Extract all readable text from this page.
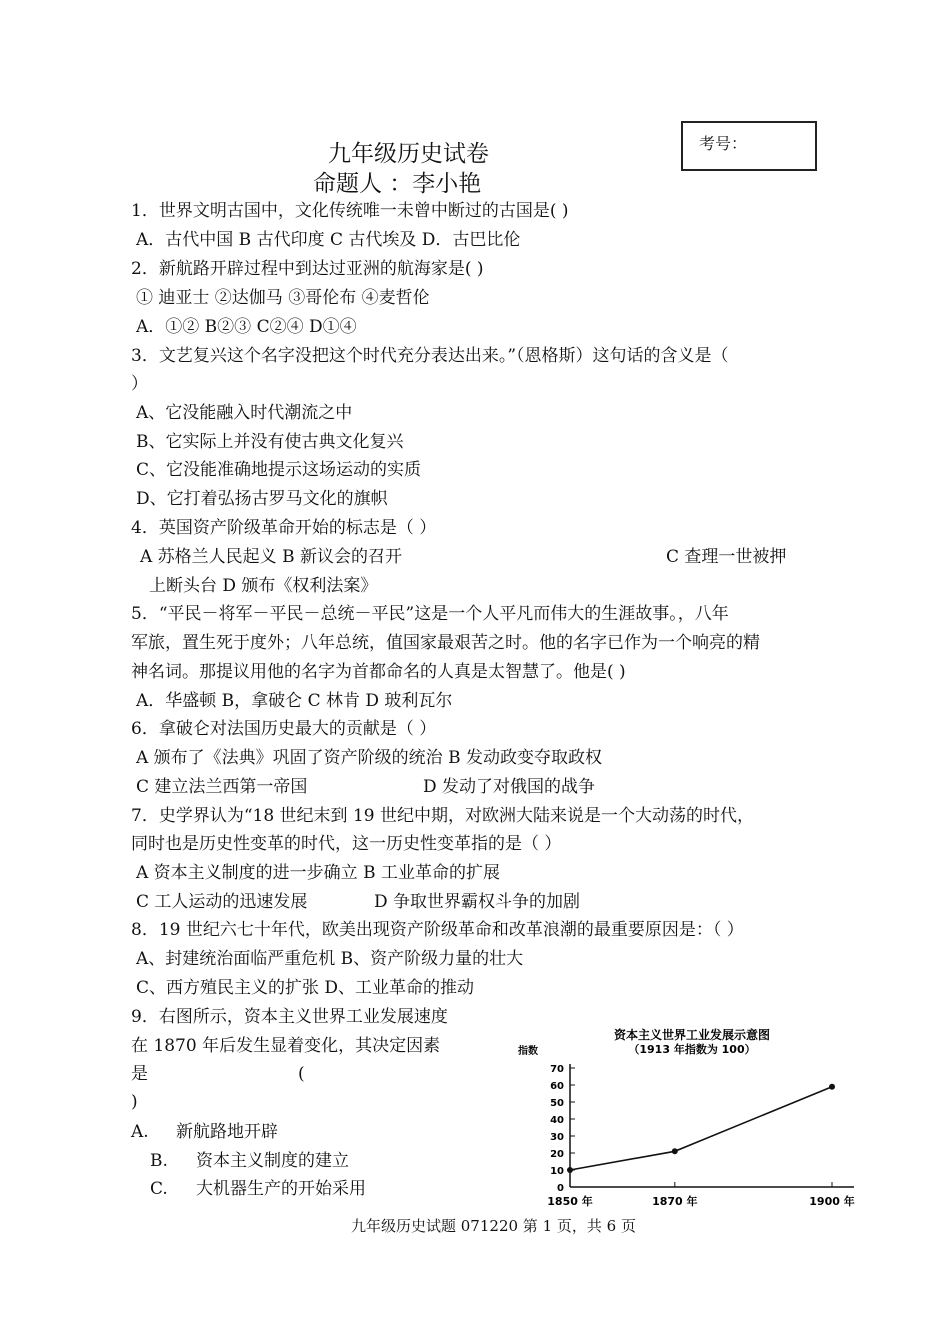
考号：
九年级历史试卷
命题人 ：李小艳
1．世界文明古国中，文化传统唯一未曾中断过的古国是( )
A．古代中国 B 古代印度 C 古代埃及 D．古巴比伦
2．新航路开辟过程中到达过亚洲的航海家是( )
① 迪亚士 ②达伽马 ③哥伦布 ④麦哲伦
A．①② B②③ C②④ D①④
3．文艺复兴这个名字没把这个时代充分表达出来。”（恩格斯）这句话的含义是（
）
A、它没能融入时代潮流之中
B、它实际上并没有使古典文化复兴
C、它没能准确地提示这场运动的实质
D、它打着弘扬古罗马文化的旗帜
4．英国资产阶级革命开始的标志是（ ）
A 苏格兰人民起义 B 新议会的召开	C 查理一世被押
上断头台 D 颁布《权利法案》
5．“平民－将军－平民－总统－平民”这是一个人平凡而伟大的生涯故事。，八年
军旅，置生死于度外；八年总统，值国家最艰苦之时。他的名字已作为一个响亮的精
神名词。那提议用他的名字为首都命名的人真是太智慧了。他是( )
A．华盛顿 B，拿破仑 C 林肯 D 玻利瓦尔
6．拿破仑对法国历史最大的贡献是（ ）
A 颁布了《法典》巩固了资产阶级的统治 B 发动政变夺取政权
C 建立法兰西第一帝国	D 发动了对俄国的战争
7．史学界认为“18 世纪末到 19 世纪中期，对欧洲大陆来说是一个大动荡的时代，
同时也是历史性变革的时代，这一历史性变革指的是（ ）
A 资本主义制度的进一步确立 B 工业革命的扩展
C 工人运动的迅速发展	D 争取世界霸权斗争的加剧
8．19 世纪六七十年代，欧美出现资产阶级革命和改革浪潮的最重要原因是：（ ）
A、封建统治面临严重危机 B、资产阶级力量的壮大
C、西方殖民主义的扩张 D、工业革命的推动
9．右图所示，资本主义世界工业发展速度
在 1870 年后发生显着变化，其决定因素
是	(
)
A. 新航路地开辟
B. 资本主义制度的建立
C. 大机器生产的开始采用
资本主义世界工业发展示意图
（1913 年指数为 100）
指数
0
10
20
30
40
50
60
70
1850 年	1870 年	1900 年
九年级历史试题 071220 第 1 页，共 6 页
